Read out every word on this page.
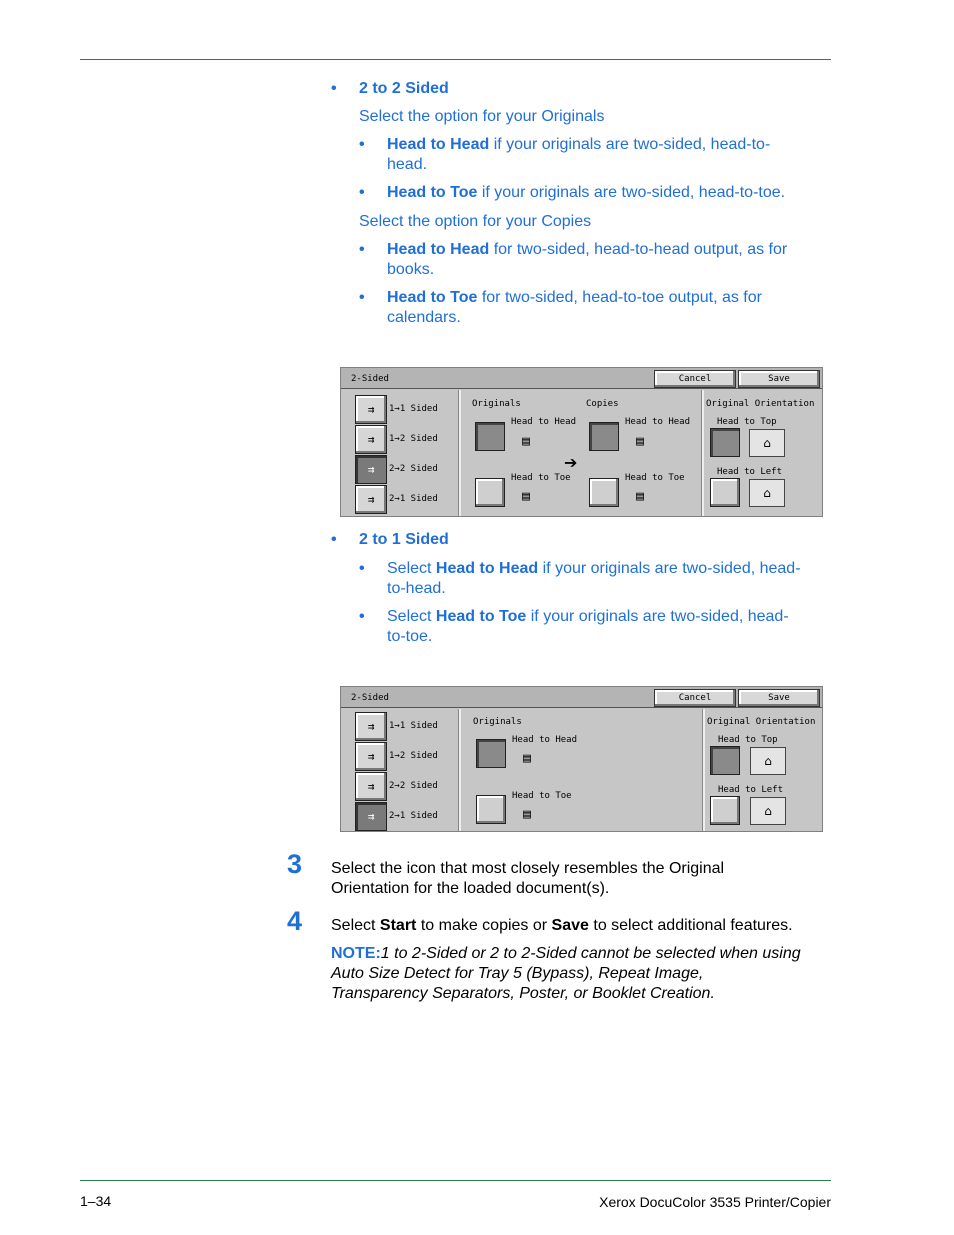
• 2 to 2 Sided
Select the option for your Originals
• Head to Head if your originals are two-sided, head-to-
head.
• Head to Toe if your originals are two-sided, head-to-toe.
Select the option for your Copies
• Head to Head for two-sided, head-to-head output, as for
books.
• Head to Toe for two-sided, head-to-toe output, as for
calendars.
2-Sided	Cancel	Save
⇉	1→1 Sided
⇉	1→2 Sided
⇉	2→2 Sided
⇉	2→1 Sided
Originals
Head to Head
▤
Head to Toe
▤
➔
Copies
Head to Head
▤
Head to Toe
▤
Original Orientation
Head to Top
⌂
Head to Left
⌂
• 2 to 1 Sided
• Select Head to Head if your originals are two-sided, head-
to-head.
• Select Head to Toe if your originals are two-sided, head-
to-toe.
2-Sided	Cancel	Save
⇉	1→1 Sided
⇉	1→2 Sided
⇉	2→2 Sided
⇉	2→1 Sided
Originals
Head to Head
▤
Head to Toe
▤
Original Orientation
Head to Top
⌂
Head to Left
⌂
3 Select the icon that most closely resembles the Original
Orientation for the loaded document(s).
4 Select Start to make copies or Save to select additional features.
NOTE:1 to 2-Sided or 2 to 2-Sided cannot be selected when using
Auto Size Detect for Tray 5 (Bypass), Repeat Image,
Transparency Separators, Poster, or Booklet Creation.
1–34	Xerox DocuColor 3535 Printer/Copier
